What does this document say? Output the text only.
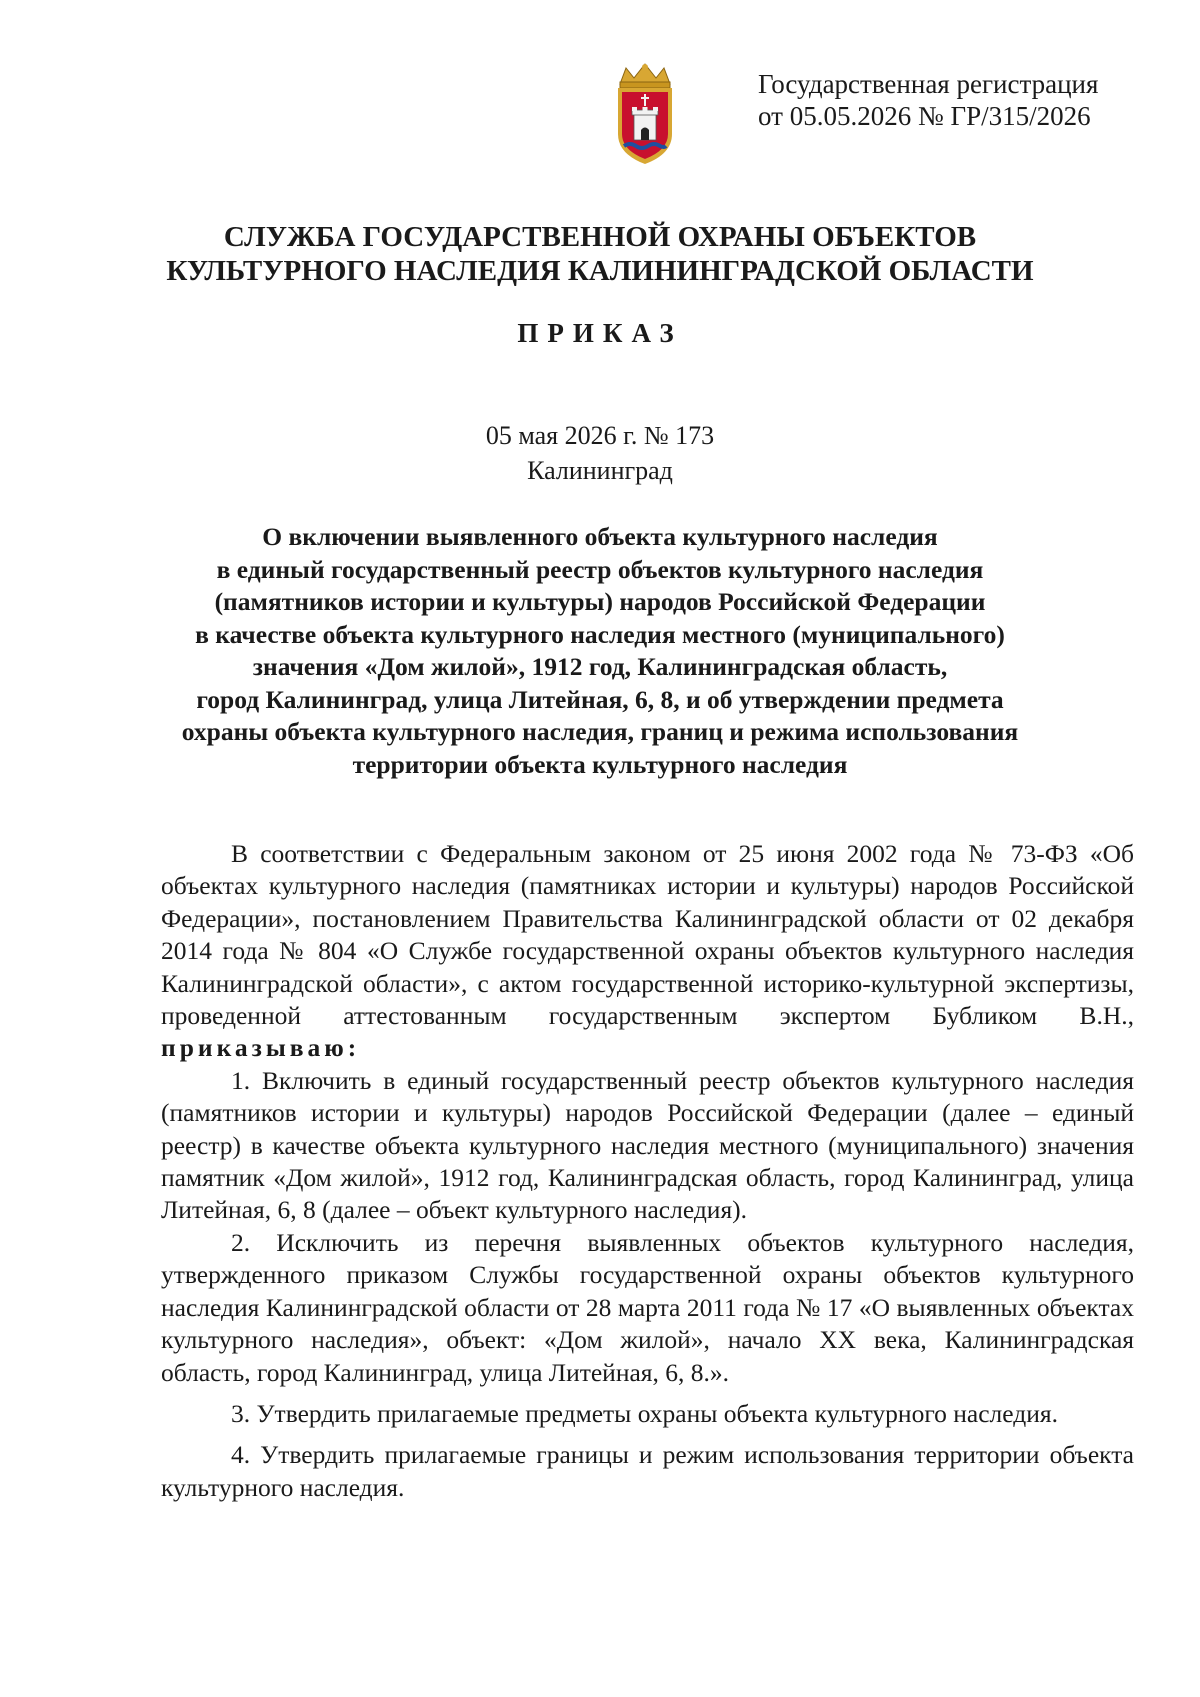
Государственная регистрация
от 05.05.2026 № ГР/315/2026
СЛУЖБА ГОСУДАРСТВЕННОЙ ОХРАНЫ ОБЪЕКТОВ
КУЛЬТУРНОГО НАСЛЕДИЯ КАЛИНИНГРАДСКОЙ ОБЛАСТИ
ПРИКАЗ
05 мая 2026 г. № 173
Калининград
О включении выявленного объекта культурного наследия
в единый государственный реестр объектов культурного наследия
(памятников истории и культуры) народов Российской Федерации
в качестве объекта культурного наследия местного (муниципального)
значения «Дом жилой», 1912 год, Калининградская область,
город Калининград, улица Литейная, 6, 8, и об утверждении предмета
охраны объекта культурного наследия, границ и режима использования
территории объекта культурного наследия

В соответствии с Федеральным законом от 25 июня 2002 года № 73-ФЗ «Об объектах культурного наследия (памятниках истории и культуры) народов Российской Федерации», постановлением Правительства Калининградской области от 02 декабря 2014 года № 804 «О Службе государственной охраны объектов культурного наследия Калининградской области», с актом государственной историко-культурной экспертизы, проведенной аттестованным государственным экспертом Бубликом В.Н., приказываю:

1. Включить в единый государственный реестр объектов культурного наследия (памятников истории и культуры) народов Российской Федерации (далее – единый реестр) в качестве объекта культурного наследия местного (муниципального) значения памятник «Дом жилой», 1912 год, Калининградская область, город Калининград, улица Литейная, 6, 8 (далее – объект культурного наследия).

2. Исключить из перечня выявленных объектов культурного наследия, утвержденного приказом Службы государственной охраны объектов культурного наследия Калининградской области от 28 марта 2011 года № 17 «О выявленных объектах культурного наследия», объект: «Дом жилой», начало XX века, Калининградская область, город Калининград, улица Литейная, 6, 8.».

3. Утвердить прилагаемые предметы охраны объекта культурного наследия.

4. Утвердить прилагаемые границы и режим использования территории объекта культурного наследия.
